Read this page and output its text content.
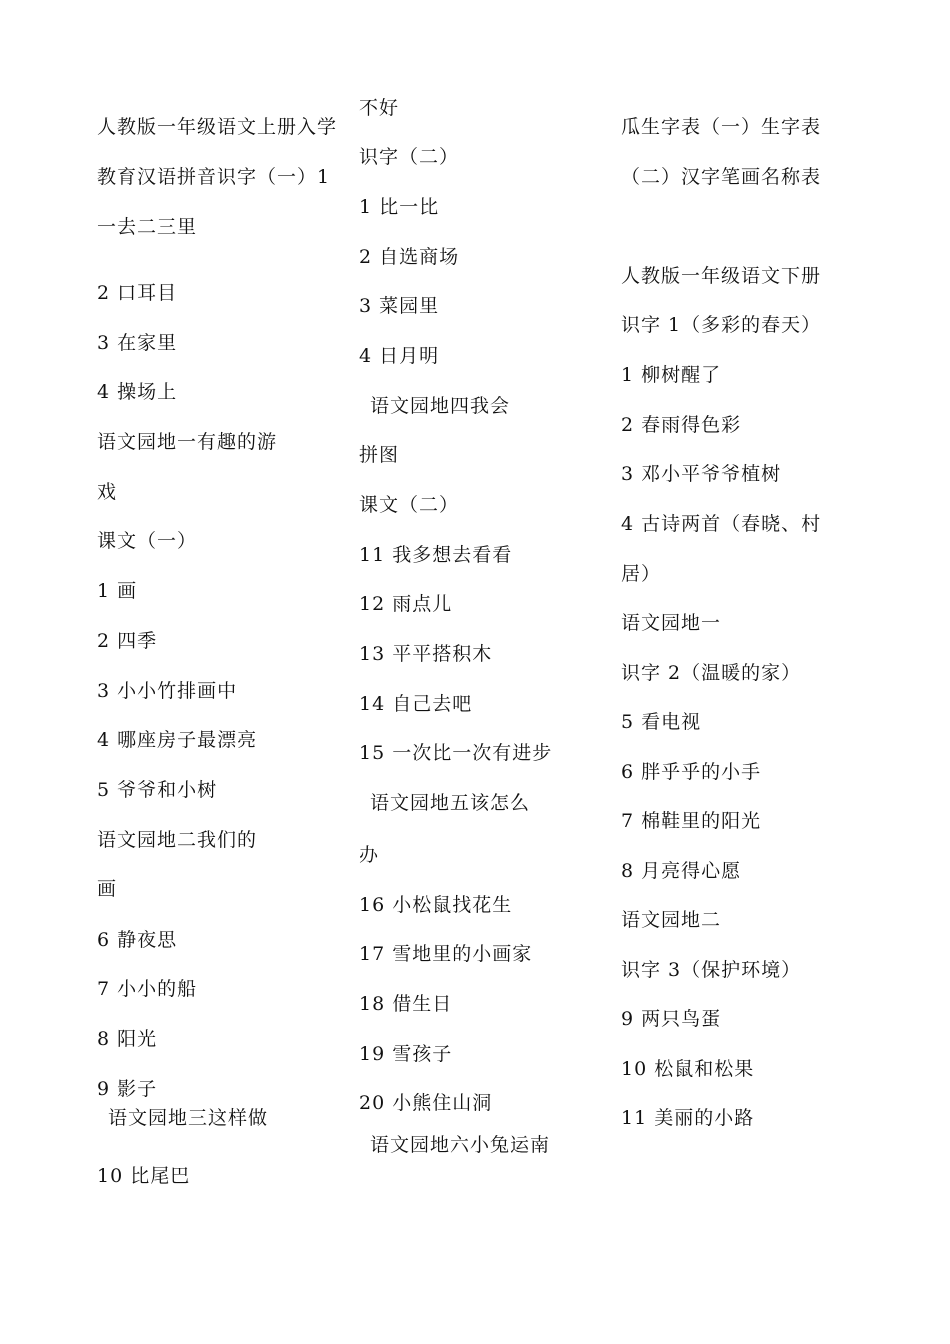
人教版一年级语文上册入学
教育汉语拼音识字（一）1
一去二三里
2 口耳目
3 在家里
4 操场上
语文园地一有趣的游
戏
课文（一）
1 画
2 四季
3 小小竹排画中
4 哪座房子最漂亮
5 爷爷和小树
语文园地二我们的
画
6 静夜思
7 小小的船
8 阳光
9 影子
语文园地三这样做
10 比尾巴
不好
识字（二）
1 比一比
2 自选商场
3 菜园里
4 日月明
语文园地四我会
拼图
课文（二）
11 我多想去看看
12 雨点儿
13 平平搭积木
14 自己去吧
15 一次比一次有进步
语文园地五该怎么
办
16 小松鼠找花生
17 雪地里的小画家
18 借生日
19 雪孩子
20 小熊住山洞
语文园地六小兔运南
瓜生字表（一）生字表
（二）汉字笔画名称表
人教版一年级语文下册
识字 1（多彩的春天）
1 柳树醒了
2 春雨得色彩
3 邓小平爷爷植树
4 古诗两首（春晓、村
居）
语文园地一
识字 2（温暖的家）
5 看电视
6 胖乎乎的小手
7 棉鞋里的阳光
8 月亮得心愿
语文园地二
识字 3（保护环境）
9 两只鸟蛋
10 松鼠和松果
11 美丽的小路
